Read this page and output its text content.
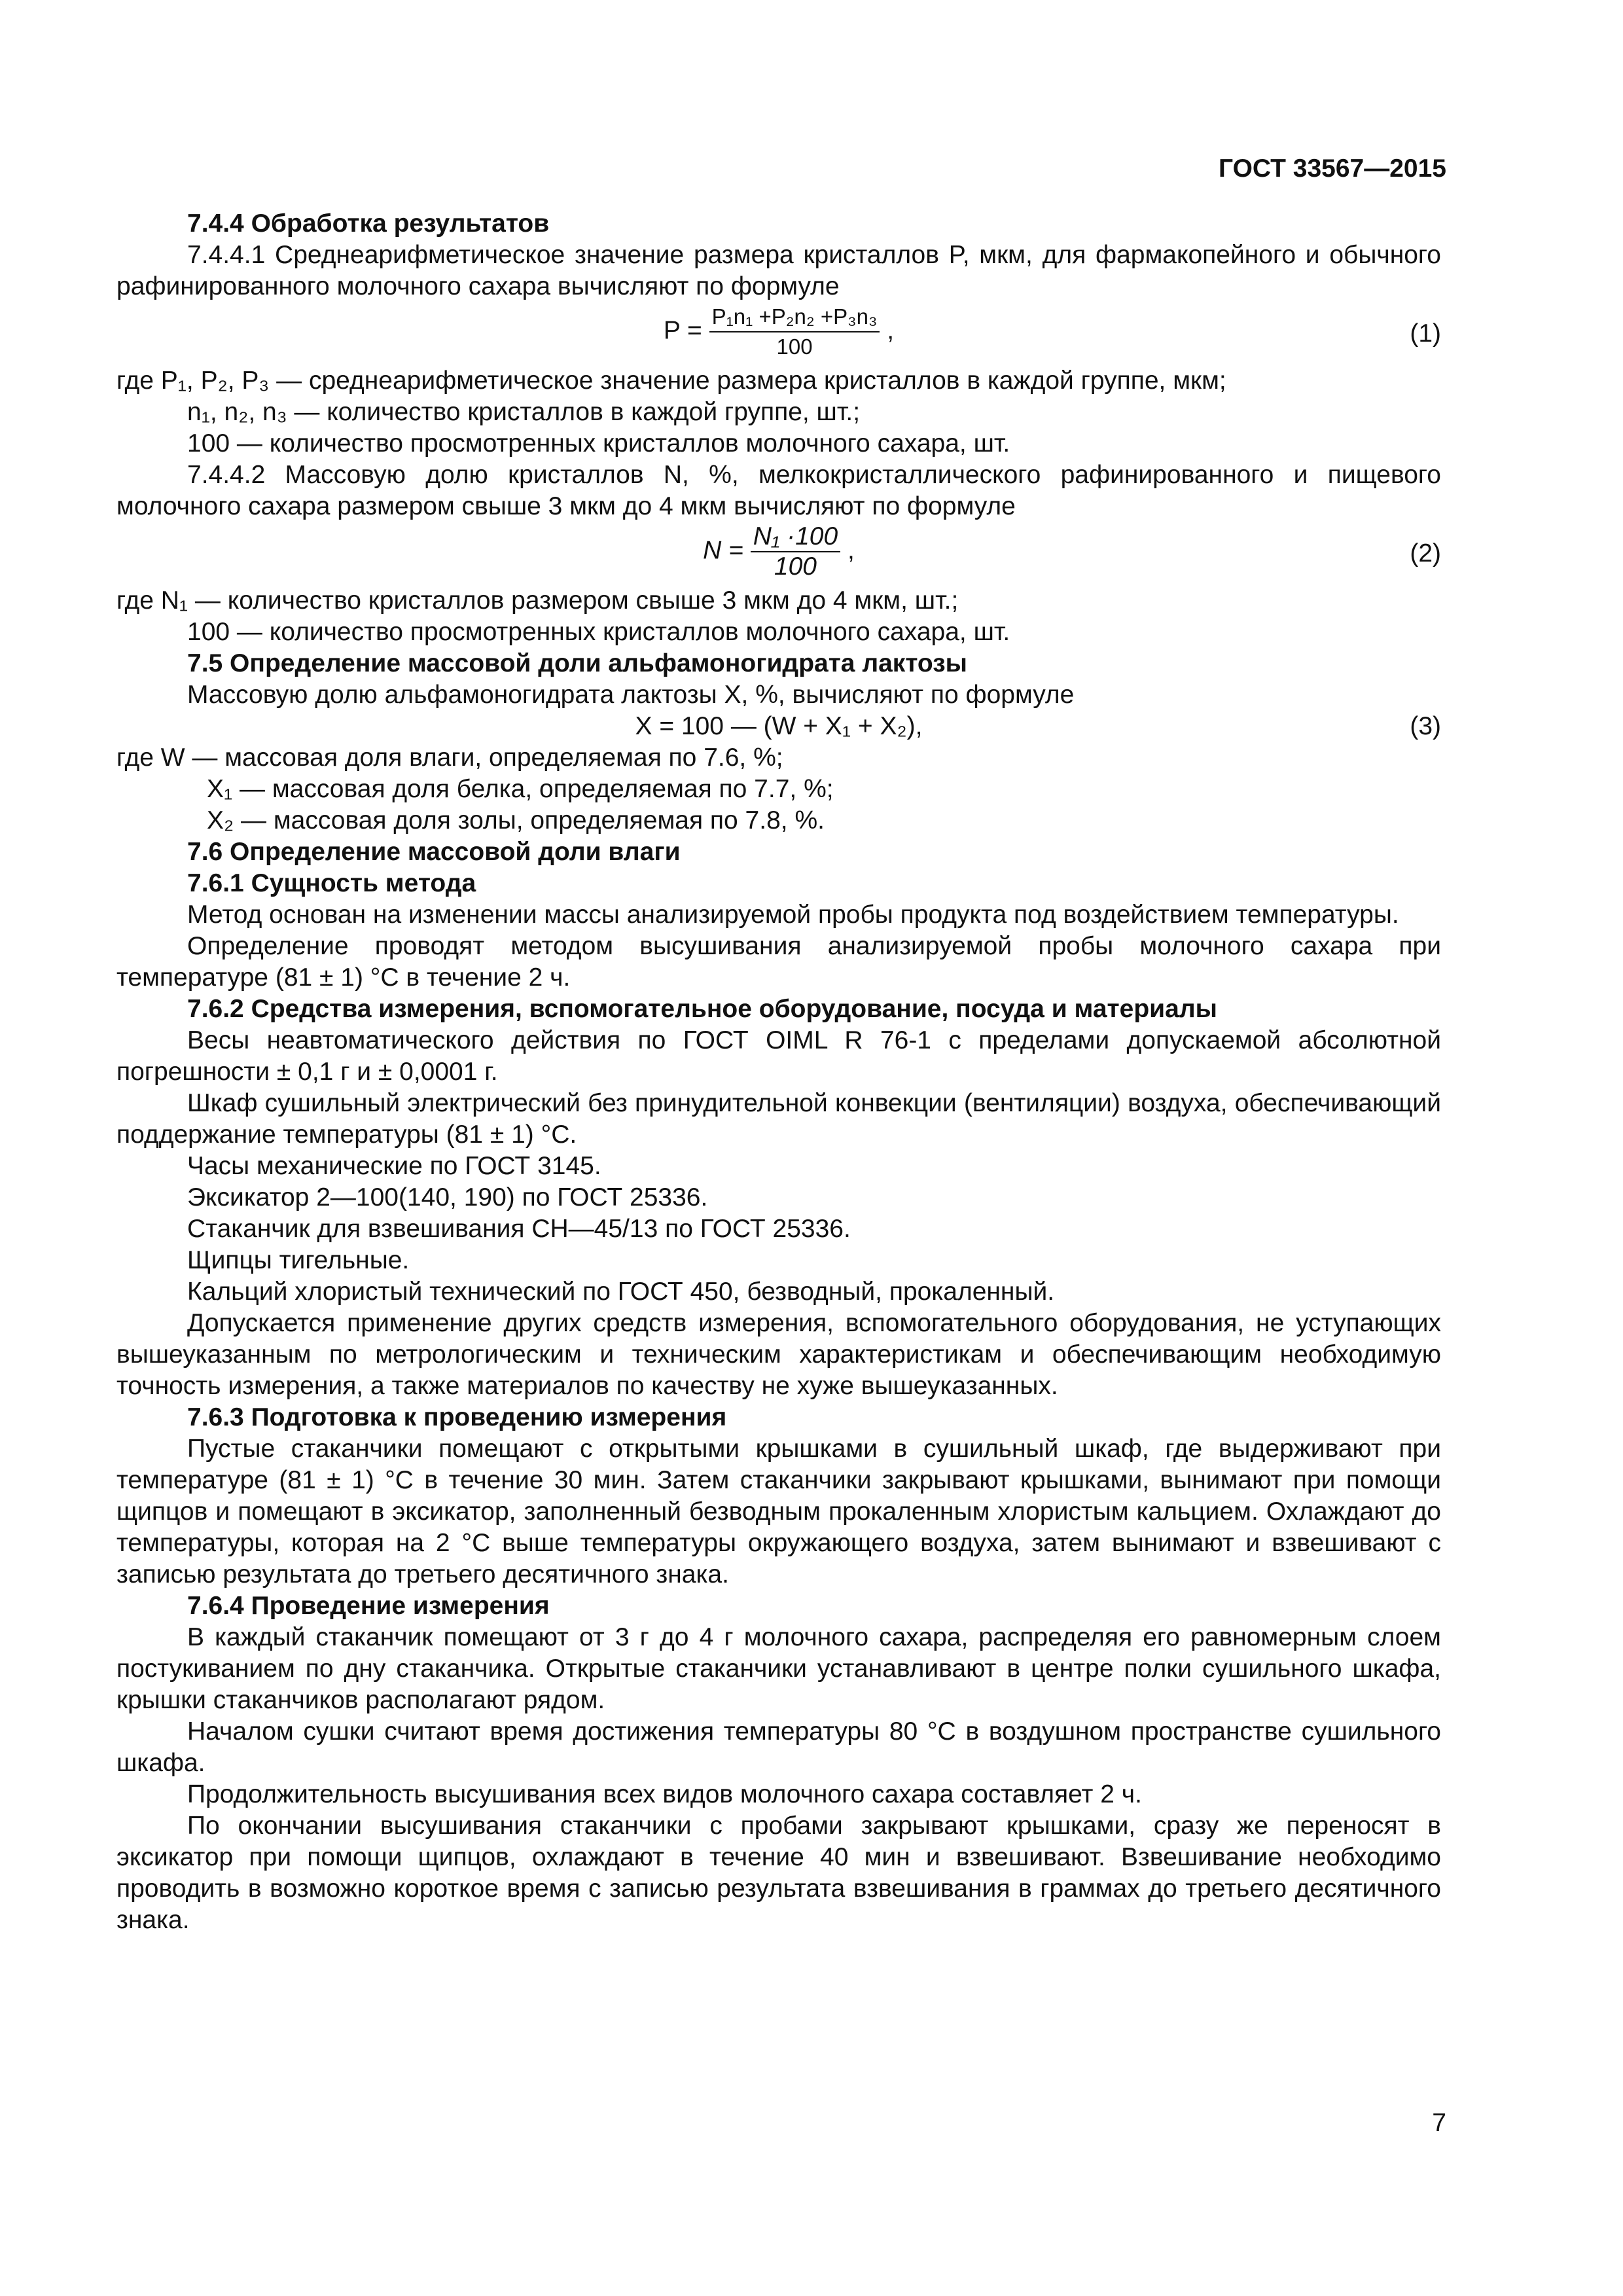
ГОСТ 33567—2015

7.4.4 Обработка результатов

7.4.4.1 Среднеарифметическое значение размера кристаллов P, мкм, для фармакопейного и обычного рафинированного молочного сахара вычисляют по формуле

$P = \frac{\text{P₁n₁ +P₂n₂ +P₃n₃}}{100}$ ,	(1)

где P₁, P₂, P₃ — среднеарифметическое значение размера кристаллов в каждой группе, мкм;

n₁, n₂, n₃ — количество кристаллов в каждой группе, шт.;

100 — количество просмотренных кристаллов молочного сахара, шт.

7.4.4.2 Массовую долю кристаллов N, %, мелкокристаллического рафинированного и пищевого молочного сахара размером свыше 3 мкм до 4 мкм вычисляют по формуле

$N = \frac{\text{N₁ ·100}}{100}$ ,	(2)

где N₁ — количество кристаллов размером свыше 3 мкм до 4 мкм, шт.;

100 — количество просмотренных кристаллов молочного сахара, шт.

7.5 Определение массовой доли альфамоногидрата лактозы

Массовую долю альфамоногидрата лактозы X, %, вычисляют по формуле

X = 100 — (W + X₁ + X₂),	(3)

где W — массовая доля влаги, определяемая по 7.6, %;

X₁ — массовая доля белка, определяемая по 7.7, %;

X₂ — массовая доля золы, определяемая по 7.8, %.

7.6 Определение массовой доли влаги

7.6.1 Сущность метода

Метод основан на изменении массы анализируемой пробы продукта под воздействием температуры.

Определение проводят методом высушивания анализируемой пробы молочного сахара при температуре (81 ± 1) °С в течение 2 ч.

7.6.2 Средства измерения, вспомогательное оборудование, посуда и материалы

Весы неавтоматического действия по ГОСТ OIML R 76-1 с пределами допускаемой абсолютной погрешности ± 0,1 г и ± 0,0001 г.

Шкаф сушильный электрический без принудительной конвекции (вентиляции) воздуха, обеспечивающий поддержание температуры (81 ± 1) °С.

Часы механические по ГОСТ 3145.

Эксикатор 2—100(140, 190) по ГОСТ 25336.

Стаканчик для взвешивания СН—45/13 по ГОСТ 25336.

Щипцы тигельные.

Кальций хлористый технический по ГОСТ 450, безводный, прокаленный.

Допускается применение других средств измерения, вспомогательного оборудования, не уступающих вышеуказанным по метрологическим и техническим характеристикам и обеспечивающим необходимую точность измерения, а также материалов по качеству не хуже вышеуказанных.

7.6.3 Подготовка к проведению измерения

Пустые стаканчики помещают с открытыми крышками в сушильный шкаф, где выдерживают при температуре (81 ± 1) °С в течение 30 мин. Затем стаканчики закрывают крышками, вынимают при помощи щипцов и помещают в эксикатор, заполненный безводным прокаленным хлористым кальцием. Охлаждают до температуры, которая на 2 °С выше температуры окружающего воздуха, затем вынимают и взвешивают с записью результата до третьего десятичного знака.

7.6.4 Проведение измерения

В каждый стаканчик помещают от 3 г до 4 г молочного сахара, распределяя его равномерным слоем постукиванием по дну стаканчика. Открытые стаканчики устанавливают в центре полки сушильного шкафа, крышки стаканчиков располагают рядом.

Началом сушки считают время достижения температуры 80 °С в воздушном пространстве сушильного шкафа.

Продолжительность высушивания всех видов молочного сахара составляет 2 ч.

По окончании высушивания стаканчики с пробами закрывают крышками, сразу же переносят в эксикатор при помощи щипцов, охлаждают в течение 40 мин и взвешивают. Взвешивание необходимо проводить в возможно короткое время с записью результата взвешивания в граммах до третьего десятичного знака.

7
